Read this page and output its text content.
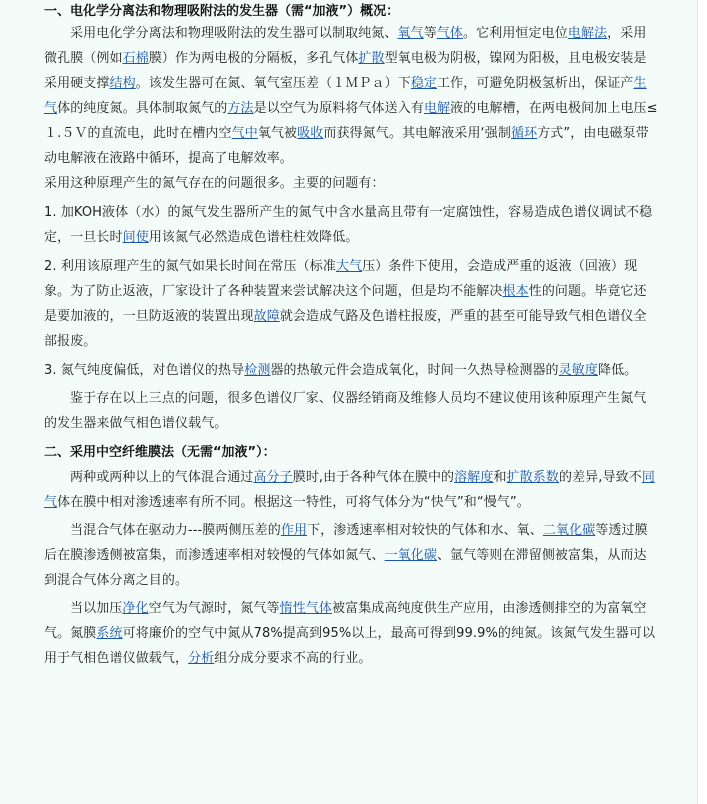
一、电化学分离法和物理吸附法的发生器（需“加液”）概况：

采用电化学分离法和物理吸附法的发生器可以制取纯氮、氧气等气体。它利用恒定电位电解法，采用微孔膜（例如石棉膜）作为两电极的分隔板，多孔气体扩散型氧电极为阴极，镍网为阳极，且电极安装是采用硬支撑结构。该发生器可在氮、氧气室压差（１ＭＰａ）下稳定工作，可避免阴极氢析出，保证产生气体的纯度氮。具体制取氮气的方法是以空气为原料将气体送入有电解液的电解槽，在两电极间加上电压≤１.５Ｖ的直流电，此时在槽内空气中氧气被吸收而获得氮气。其电解液采用‘强制循环方式”，由电磁泵带动电解液在液路中循环，提高了电解效率。

采用这种原理产生的氮气存在的问题很多。主要的问题有：

1. 加KOH液体（水）的氮气发生器所产生的氮气中含水量高且带有一定腐蚀性，容易造成色谱仪调试不稳定，一旦长时间使用该氮气必然造成色谱柱柱效降低。

2. 利用该原理产生的氮气如果长时间在常压（标准大气压）条件下使用，会造成严重的返液（回液）现象。为了防止返液，厂家设计了各种装置来尝试解决这个问题，但是均不能解决根本性的问题。毕竟它还是要加液的，一旦防返液的装置出现故障就会造成气路及色谱柱报废，严重的甚至可能导致气相色谱仪全部报废。

3. 氮气纯度偏低，对色谱仪的热导检测器的热敏元件会造成氧化，时间一久热导检测器的灵敏度降低。

鉴于存在以上三点的问题，很多色谱仪厂家、仪器经销商及维修人员均不建议使用该种原理产生氮气的发生器来做气相色谱仪载气。

二、采用中空纤维膜法（无需“加液”）：

两种或两种以上的气体混合通过高分子膜时,由于各种气体在膜中的溶解度和扩散系数的差异,导致不同气体在膜中相对渗透速率有所不同。根据这一特性，可将气体分为“快气”和“慢气”。

当混合气体在驱动力---膜两侧压差的作用下，渗透速率相对较快的气体和水、氧、二氧化碳等透过膜后在膜渗透侧被富集，而渗透速率相对较慢的气体如氮气、一氧化碳、氩气等则在滞留侧被富集，从而达到混合气体分离之目的。

当以加压净化空气为气源时，氮气等惰性气体被富集成高纯度供生产应用，由渗透侧排空的为富氧空气。氮膜系统可将廉价的空气中氮从78%提高到95%以上，最高可得到99.9%的纯氮。该氮气发生器可以用于气相色谱仪做载气，分析组分成分要求不高的行业。
